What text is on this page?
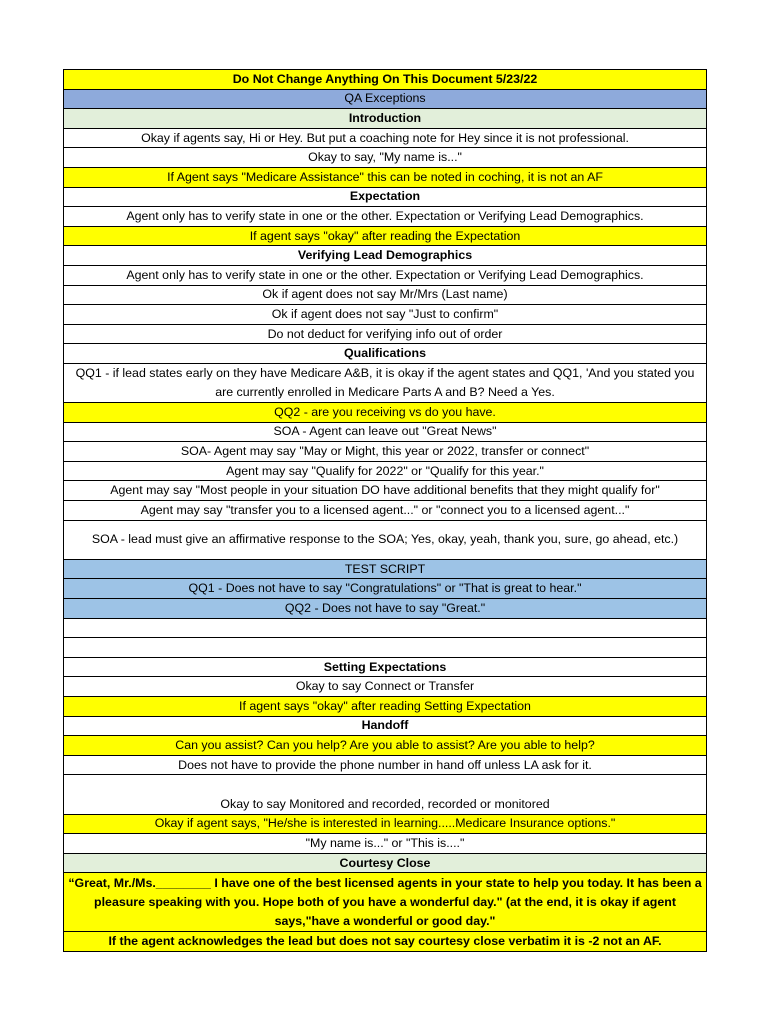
Do Not Change Anything On This Document 5/23/22
QA Exceptions
Introduction
Okay if agents say, Hi or Hey. But put a coaching note for Hey since it is not professional.
Okay to say, "My name is..."
If Agent says "Medicare Assistance" this can be noted in coching, it is not an AF
Expectation
Agent only has to verify state in one or the other. Expectation or Verifying Lead Demographics.
If agent says "okay" after reading the Expectation
Verifying Lead Demographics
Agent only has to verify state in one or the other. Expectation or Verifying Lead Demographics.
Ok if agent does not say Mr/Mrs (Last name)
Ok if agent does not say "Just to confirm"
Do not deduct for verifying info out of order
Qualifications
QQ1 - if lead states early on they have Medicare A&B, it is okay if the agent states and QQ1, 'And you stated you are currently enrolled in Medicare Parts A and B? Need a Yes.
QQ2 - are you receiving vs do you have.
SOA - Agent can leave out "Great News"
SOA- Agent may say "May or Might, this year or 2022, transfer or connect"
Agent may say "Qualify for 2022" or "Qualify for this year."
Agent may say "Most people in your situation DO have additional benefits that they might qualify for"
Agent may say "transfer you to a licensed agent..." or "connect you to a licensed agent..."
SOA - lead must give an affirmative response to the SOA; Yes, okay, yeah, thank you, sure, go ahead, etc.)
TEST SCRIPT
QQ1 - Does not have to say "Congratulations" or "That is great to hear."
QQ2 - Does not have to say "Great."
Setting Expectations
Okay to say Connect or Transfer
If agent says "okay" after reading Setting Expectation
Handoff
Can you assist? Can you help? Are you able to assist? Are you able to help?
Does not have to provide the phone number in hand off unless LA ask for it.
Okay to say Monitored and recorded, recorded or monitored
Okay if agent says, "He/she is interested in learning.....Medicare Insurance options."
"My name is..." or "This is...."
Courtesy Close
“Great, Mr./Ms.________ I have one of the best licensed agents in your state to help you today. It has been a pleasure speaking with you. Hope both of you have a wonderful day." (at the end, it is okay if agent says,"have a wonderful or good day."
If the agent acknowledges the lead but does not say courtesy close verbatim it is -2 not an AF.
